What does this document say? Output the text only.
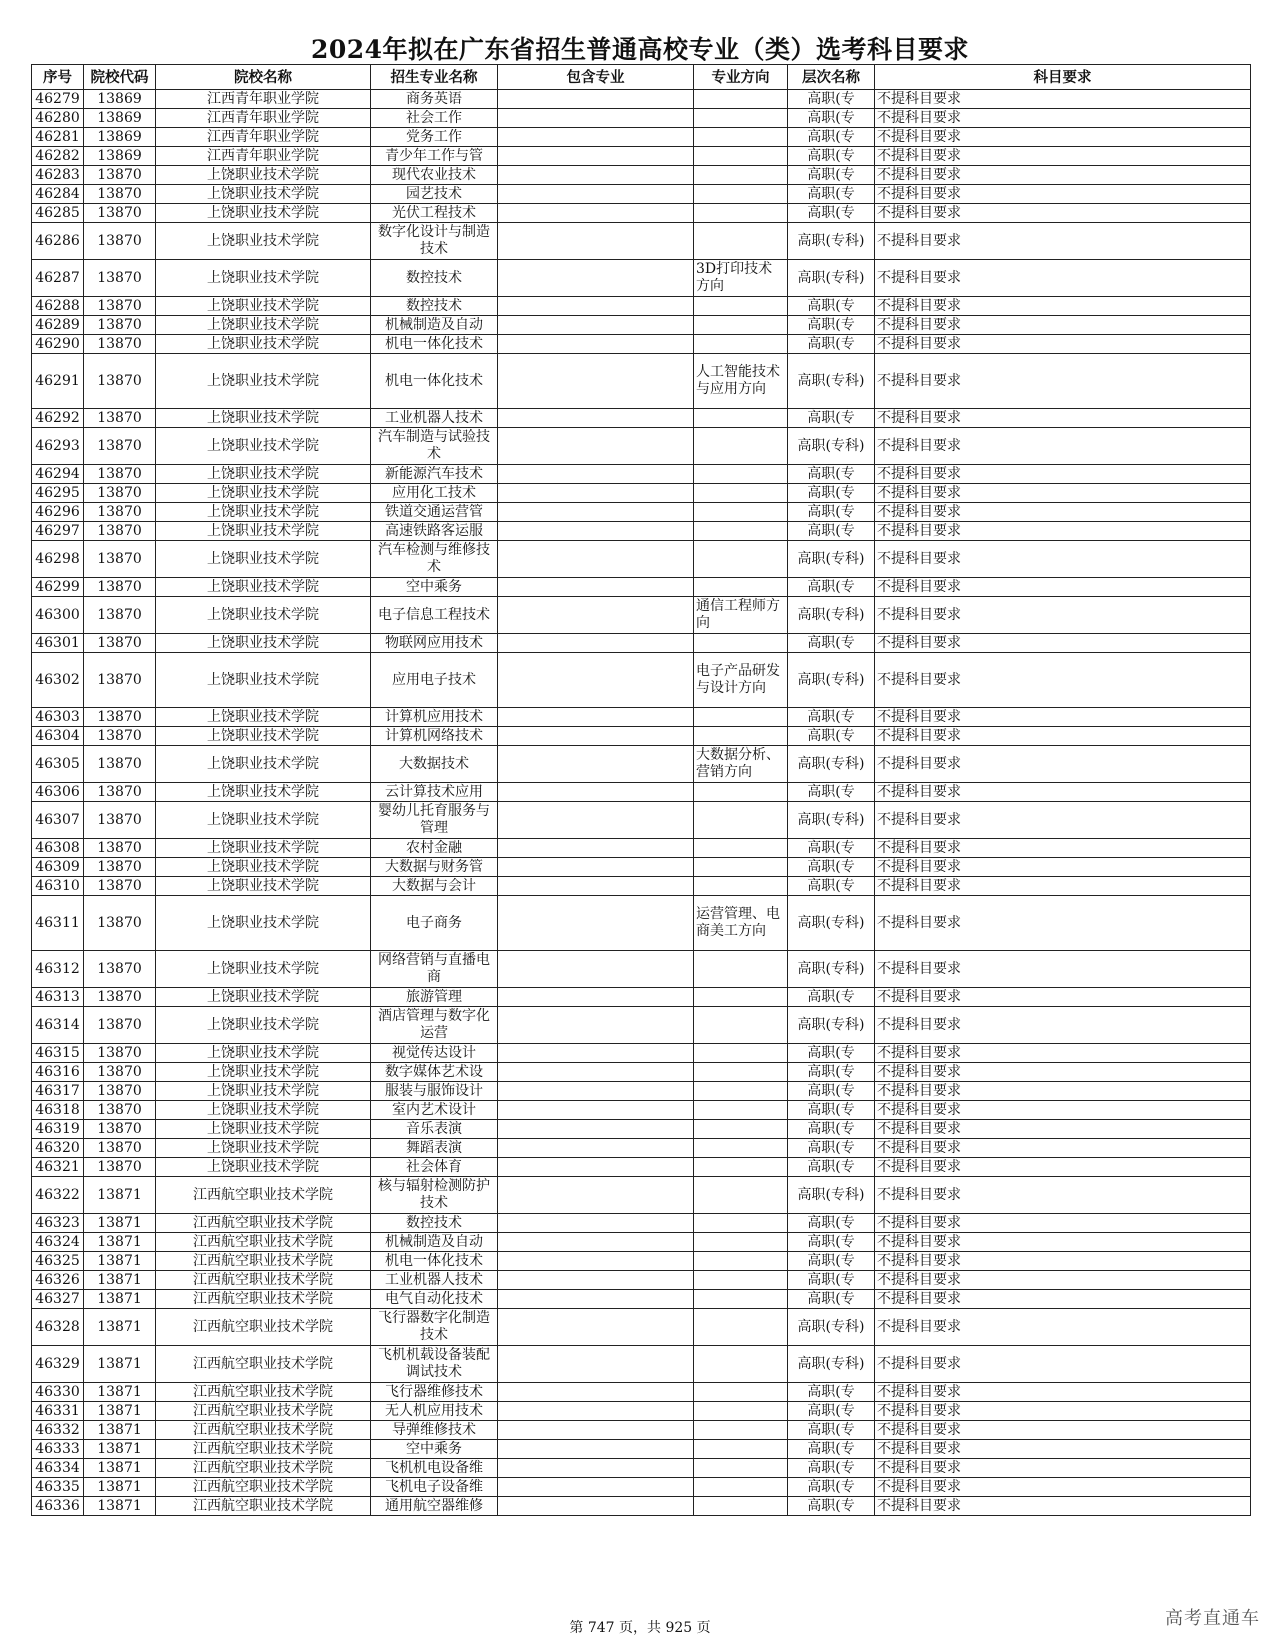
2024年拟在广东省招生普通高校专业（类）选考科目要求
序号	院校代码	院校名称	招生专业名称	包含专业	专业方向	层次名称	科目要求
46279	13869	江西青年职业学院	商务英语			高职(专	不提科目要求
46280	13869	江西青年职业学院	社会工作			高职(专	不提科目要求
46281	13869	江西青年职业学院	党务工作			高职(专	不提科目要求
46282	13869	江西青年职业学院	青少年工作与管			高职(专	不提科目要求
46283	13870	上饶职业技术学院	现代农业技术			高职(专	不提科目要求
46284	13870	上饶职业技术学院	园艺技术			高职(专	不提科目要求
46285	13870	上饶职业技术学院	光伏工程技术			高职(专	不提科目要求
46286	13870	上饶职业技术学院	数字化设计与制造技术			高职(专科)	不提科目要求
46287	13870	上饶职业技术学院	数控技术		3D打印技术方向	高职(专科)	不提科目要求
46288	13870	上饶职业技术学院	数控技术			高职(专	不提科目要求
46289	13870	上饶职业技术学院	机械制造及自动			高职(专	不提科目要求
46290	13870	上饶职业技术学院	机电一体化技术			高职(专	不提科目要求
46291	13870	上饶职业技术学院	机电一体化技术		人工智能技术与应用方向	高职(专科)	不提科目要求
46292	13870	上饶职业技术学院	工业机器人技术			高职(专	不提科目要求
46293	13870	上饶职业技术学院	汽车制造与试验技术			高职(专科)	不提科目要求
46294	13870	上饶职业技术学院	新能源汽车技术			高职(专	不提科目要求
46295	13870	上饶职业技术学院	应用化工技术			高职(专	不提科目要求
46296	13870	上饶职业技术学院	铁道交通运营管			高职(专	不提科目要求
46297	13870	上饶职业技术学院	高速铁路客运服			高职(专	不提科目要求
46298	13870	上饶职业技术学院	汽车检测与维修技术			高职(专科)	不提科目要求
46299	13870	上饶职业技术学院	空中乘务			高职(专	不提科目要求
46300	13870	上饶职业技术学院	电子信息工程技术		通信工程师方向	高职(专科)	不提科目要求
46301	13870	上饶职业技术学院	物联网应用技术			高职(专	不提科目要求
46302	13870	上饶职业技术学院	应用电子技术		电子产品研发与设计方向	高职(专科)	不提科目要求
46303	13870	上饶职业技术学院	计算机应用技术			高职(专	不提科目要求
46304	13870	上饶职业技术学院	计算机网络技术			高职(专	不提科目要求
46305	13870	上饶职业技术学院	大数据技术		大数据分析、营销方向	高职(专科)	不提科目要求
46306	13870	上饶职业技术学院	云计算技术应用			高职(专	不提科目要求
46307	13870	上饶职业技术学院	婴幼儿托育服务与管理			高职(专科)	不提科目要求
46308	13870	上饶职业技术学院	农村金融			高职(专	不提科目要求
46309	13870	上饶职业技术学院	大数据与财务管			高职(专	不提科目要求
46310	13870	上饶职业技术学院	大数据与会计			高职(专	不提科目要求
46311	13870	上饶职业技术学院	电子商务		运营管理、电商美工方向	高职(专科)	不提科目要求
46312	13870	上饶职业技术学院	网络营销与直播电商			高职(专科)	不提科目要求
46313	13870	上饶职业技术学院	旅游管理			高职(专	不提科目要求
46314	13870	上饶职业技术学院	酒店管理与数字化运营			高职(专科)	不提科目要求
46315	13870	上饶职业技术学院	视觉传达设计			高职(专	不提科目要求
46316	13870	上饶职业技术学院	数字媒体艺术设			高职(专	不提科目要求
46317	13870	上饶职业技术学院	服装与服饰设计			高职(专	不提科目要求
46318	13870	上饶职业技术学院	室内艺术设计			高职(专	不提科目要求
46319	13870	上饶职业技术学院	音乐表演			高职(专	不提科目要求
46320	13870	上饶职业技术学院	舞蹈表演			高职(专	不提科目要求
46321	13870	上饶职业技术学院	社会体育			高职(专	不提科目要求
46322	13871	江西航空职业技术学院	核与辐射检测防护技术			高职(专科)	不提科目要求
46323	13871	江西航空职业技术学院	数控技术			高职(专	不提科目要求
46324	13871	江西航空职业技术学院	机械制造及自动			高职(专	不提科目要求
46325	13871	江西航空职业技术学院	机电一体化技术			高职(专	不提科目要求
46326	13871	江西航空职业技术学院	工业机器人技术			高职(专	不提科目要求
46327	13871	江西航空职业技术学院	电气自动化技术			高职(专	不提科目要求
46328	13871	江西航空职业技术学院	飞行器数字化制造技术			高职(专科)	不提科目要求
46329	13871	江西航空职业技术学院	飞机机载设备装配调试技术			高职(专科)	不提科目要求
46330	13871	江西航空职业技术学院	飞行器维修技术			高职(专	不提科目要求
46331	13871	江西航空职业技术学院	无人机应用技术			高职(专	不提科目要求
46332	13871	江西航空职业技术学院	导弹维修技术			高职(专	不提科目要求
46333	13871	江西航空职业技术学院	空中乘务			高职(专	不提科目要求
46334	13871	江西航空职业技术学院	飞机机电设备维			高职(专	不提科目要求
46335	13871	江西航空职业技术学院	飞机电子设备维			高职(专	不提科目要求
46336	13871	江西航空职业技术学院	通用航空器维修			高职(专	不提科目要求
第 747 页，共 925 页	高考直通车
